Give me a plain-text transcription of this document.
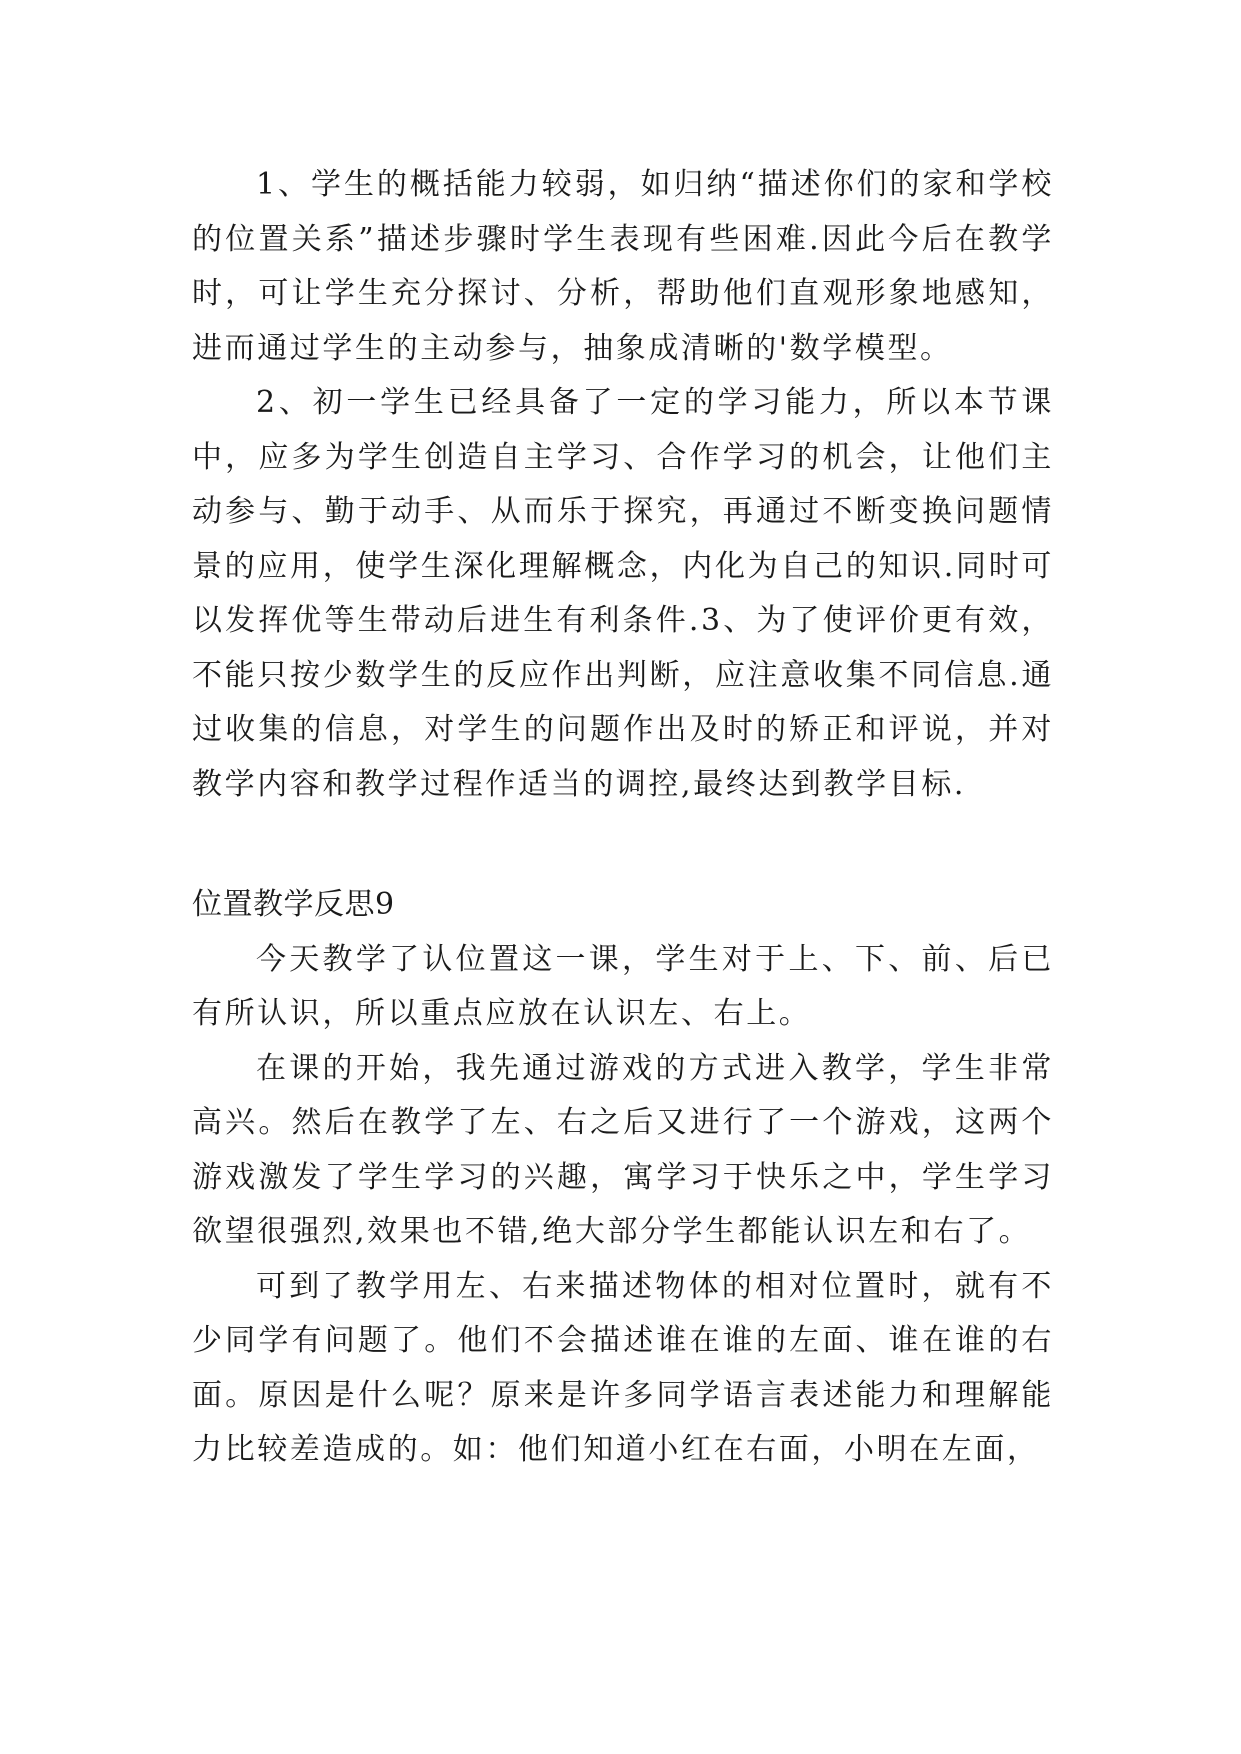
1、学生的概括能力较弱，如归纳“描述你们的家和学校的位置关系”描述步骤时学生表现有些困难.因此今后在教学时，可让学生充分探讨、分析，帮助他们直观形象地感知，进而通过学生的主动参与，抽象成清晰的'数学模型。

2、初一学生已经具备了一定的学习能力，所以本节课中，应多为学生创造自主学习、合作学习的机会，让他们主动参与、勤于动手、从而乐于探究，再通过不断变换问题情景的应用，使学生深化理解概念，内化为自己的知识.同时可以发挥优等生带动后进生有利条件.3、为了使评价更有效，不能只按少数学生的反应作出判断，应注意收集不同信息.通过收集的信息，对学生的问题作出及时的矫正和评说，并对教学内容和教学过程作适当的调控,最终达到教学目标.

位置教学反思9

今天教学了认位置这一课，学生对于上、下、前、后已有所认识，所以重点应放在认识左、右上。

在课的开始，我先通过游戏的方式进入教学，学生非常高兴。然后在教学了左、右之后又进行了一个游戏，这两个游戏激发了学生学习的兴趣，寓学习于快乐之中，学生学习欲望很强烈,效果也不错,绝大部分学生都能认识左和右了。

可到了教学用左、右来描述物体的相对位置时，就有不少同学有问题了。他们不会描述谁在谁的左面、谁在谁的右面。原因是什么呢？原来是许多同学语言表述能力和理解能力比较差造成的。如：他们知道小红在右面，小明在左面，
